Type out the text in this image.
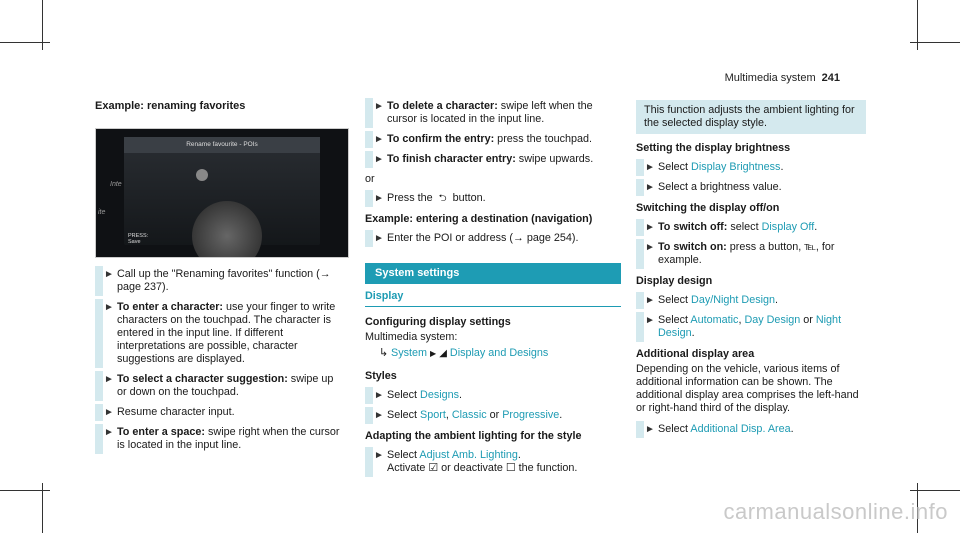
Multimedia system 241
Example: renaming favorites
Rename favourite - POIs
Inte
ite
PRESS:
Save
► Call up the "Renaming favorites" function (→ page 237).
► To enter a character: use your finger to write characters on the touchpad. The character is entered in the input line. If different interpretations are possible, character suggestions are displayed.
► To select a character suggestion: swipe up or down on the touchpad.
► Resume character input.
► To enter a space: swipe right when the cursor is located in the input line.
► To delete a character: swipe left when the cursor is located in the input line.
► To confirm the entry: press the touchpad.
► To finish character entry: swipe upwards.
or
► Press the ⮌ button.
Example: entering a destination (navigation)
► Enter the POI or address (→ page 254).
System settings
Display
Configuring display settings
Multimedia system:
↳ System ▶ ◢ Display and Designs
Styles
► Select Designs.
► Select Sport, Classic or Progressive.
Adapting the ambient lighting for the style
► Select Adjust Amb. Lighting.
Activate ☑ or deactivate ☐ the function.
This function adjusts the ambient lighting for the selected display style.
Setting the display brightness
► Select Display Brightness.
► Select a brightness value.
Switching the display off/on
► To switch off: select Display Off.
► To switch on: press a button, ℡, for example.
Display design
► Select Day/Night Design.
► Select Automatic, Day Design or Night Design.
Additional display area
Depending on the vehicle, various items of additional information can be shown. The additional display area comprises the left-hand or right-hand third of the display.
► Select Additional Disp. Area.
carmanualsonline.info
